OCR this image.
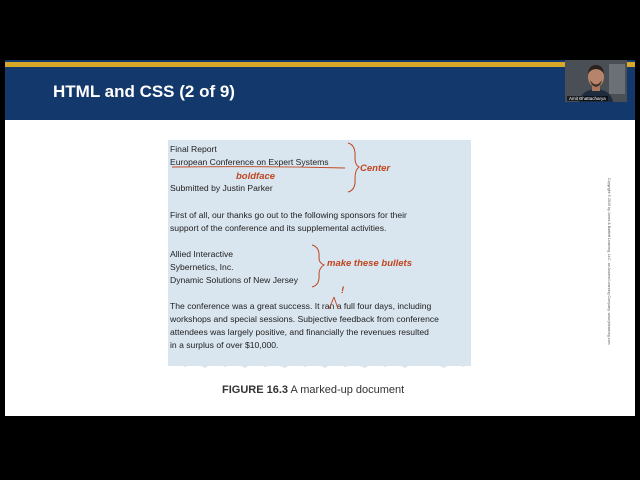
HTML and CSS (2 of 9)
Final Report
European Conference on Expert Systems
Submitted by Justin Parker
First of all, our thanks go out to the following sponsors for their
support of the conference and its supplemental activities.
Allied Interactive
Sybernetics, Inc.
Dynamic Solutions of New Jersey
The conference was a great success. It ran a full four days, including
workshops and special sessions. Subjective feedback from conference
attendees was largely positive, and financially the revenues resulted
in a surplus of over $10,000.
Center
boldface
make these bullets
!
FIGURE 16.3 A marked-up document
Copyright © 2019 by Jones & Bartlett Learning, LLC, an Ascend Learning Company. www.jblearning.com
Amit Bhattacharya
